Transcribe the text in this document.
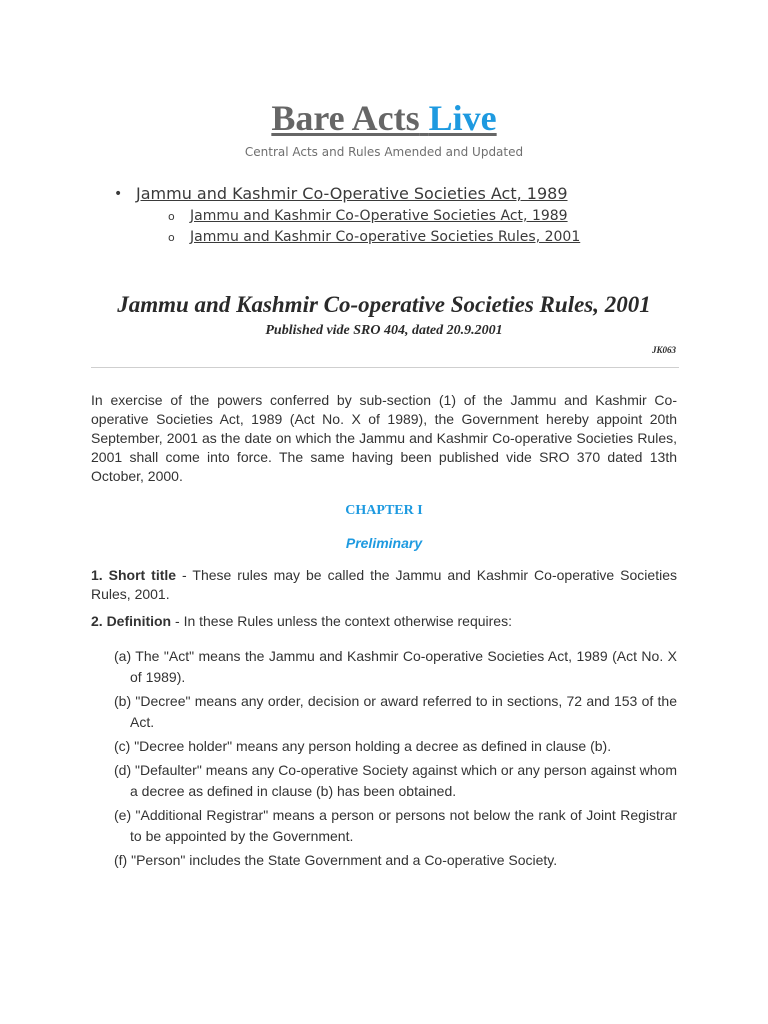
Bare Acts Live
Central Acts and Rules Amended and Updated
• Jammu and Kashmir Co-Operative Societies Act, 1989
o Jammu and Kashmir Co-Operative Societies Act, 1989
o Jammu and Kashmir Co-operative Societies Rules, 2001
Jammu and Kashmir Co-operative Societies Rules, 2001
Published vide SRO 404, dated 20.9.2001
JK063

In exercise of the powers conferred by sub-section (1) of the Jammu and Kashmir Co-operative Societies Act, 1989 (Act No. X of 1989), the Government hereby appoint 20th September, 2001 as the date on which the Jammu and Kashmir Co-operative Societies Rules, 2001 shall come into force. The same having been published vide SRO 370 dated 13th October, 2000.

CHAPTER I
Preliminary

1. Short title - These rules may be called the Jammu and Kashmir Co-operative Societies Rules, 2001.

2. Definition - In these Rules unless the context otherwise requires:

(a) The "Act" means the Jammu and Kashmir Co-operative Societies Act, 1989 (Act No. X of 1989).
(b) "Decree" means any order, decision or award referred to in sections, 72 and 153 of the Act.
(c) "Decree holder" means any person holding a decree as defined in clause (b).
(d) "Defaulter" means any Co-operative Society against which or any person against whom a decree as defined in clause (b) has been obtained.
(e) "Additional Registrar" means a person or persons not below the rank of Joint Registrar to be appointed by the Government.
(f) "Person" includes the State Government and a Co-operative Society.
